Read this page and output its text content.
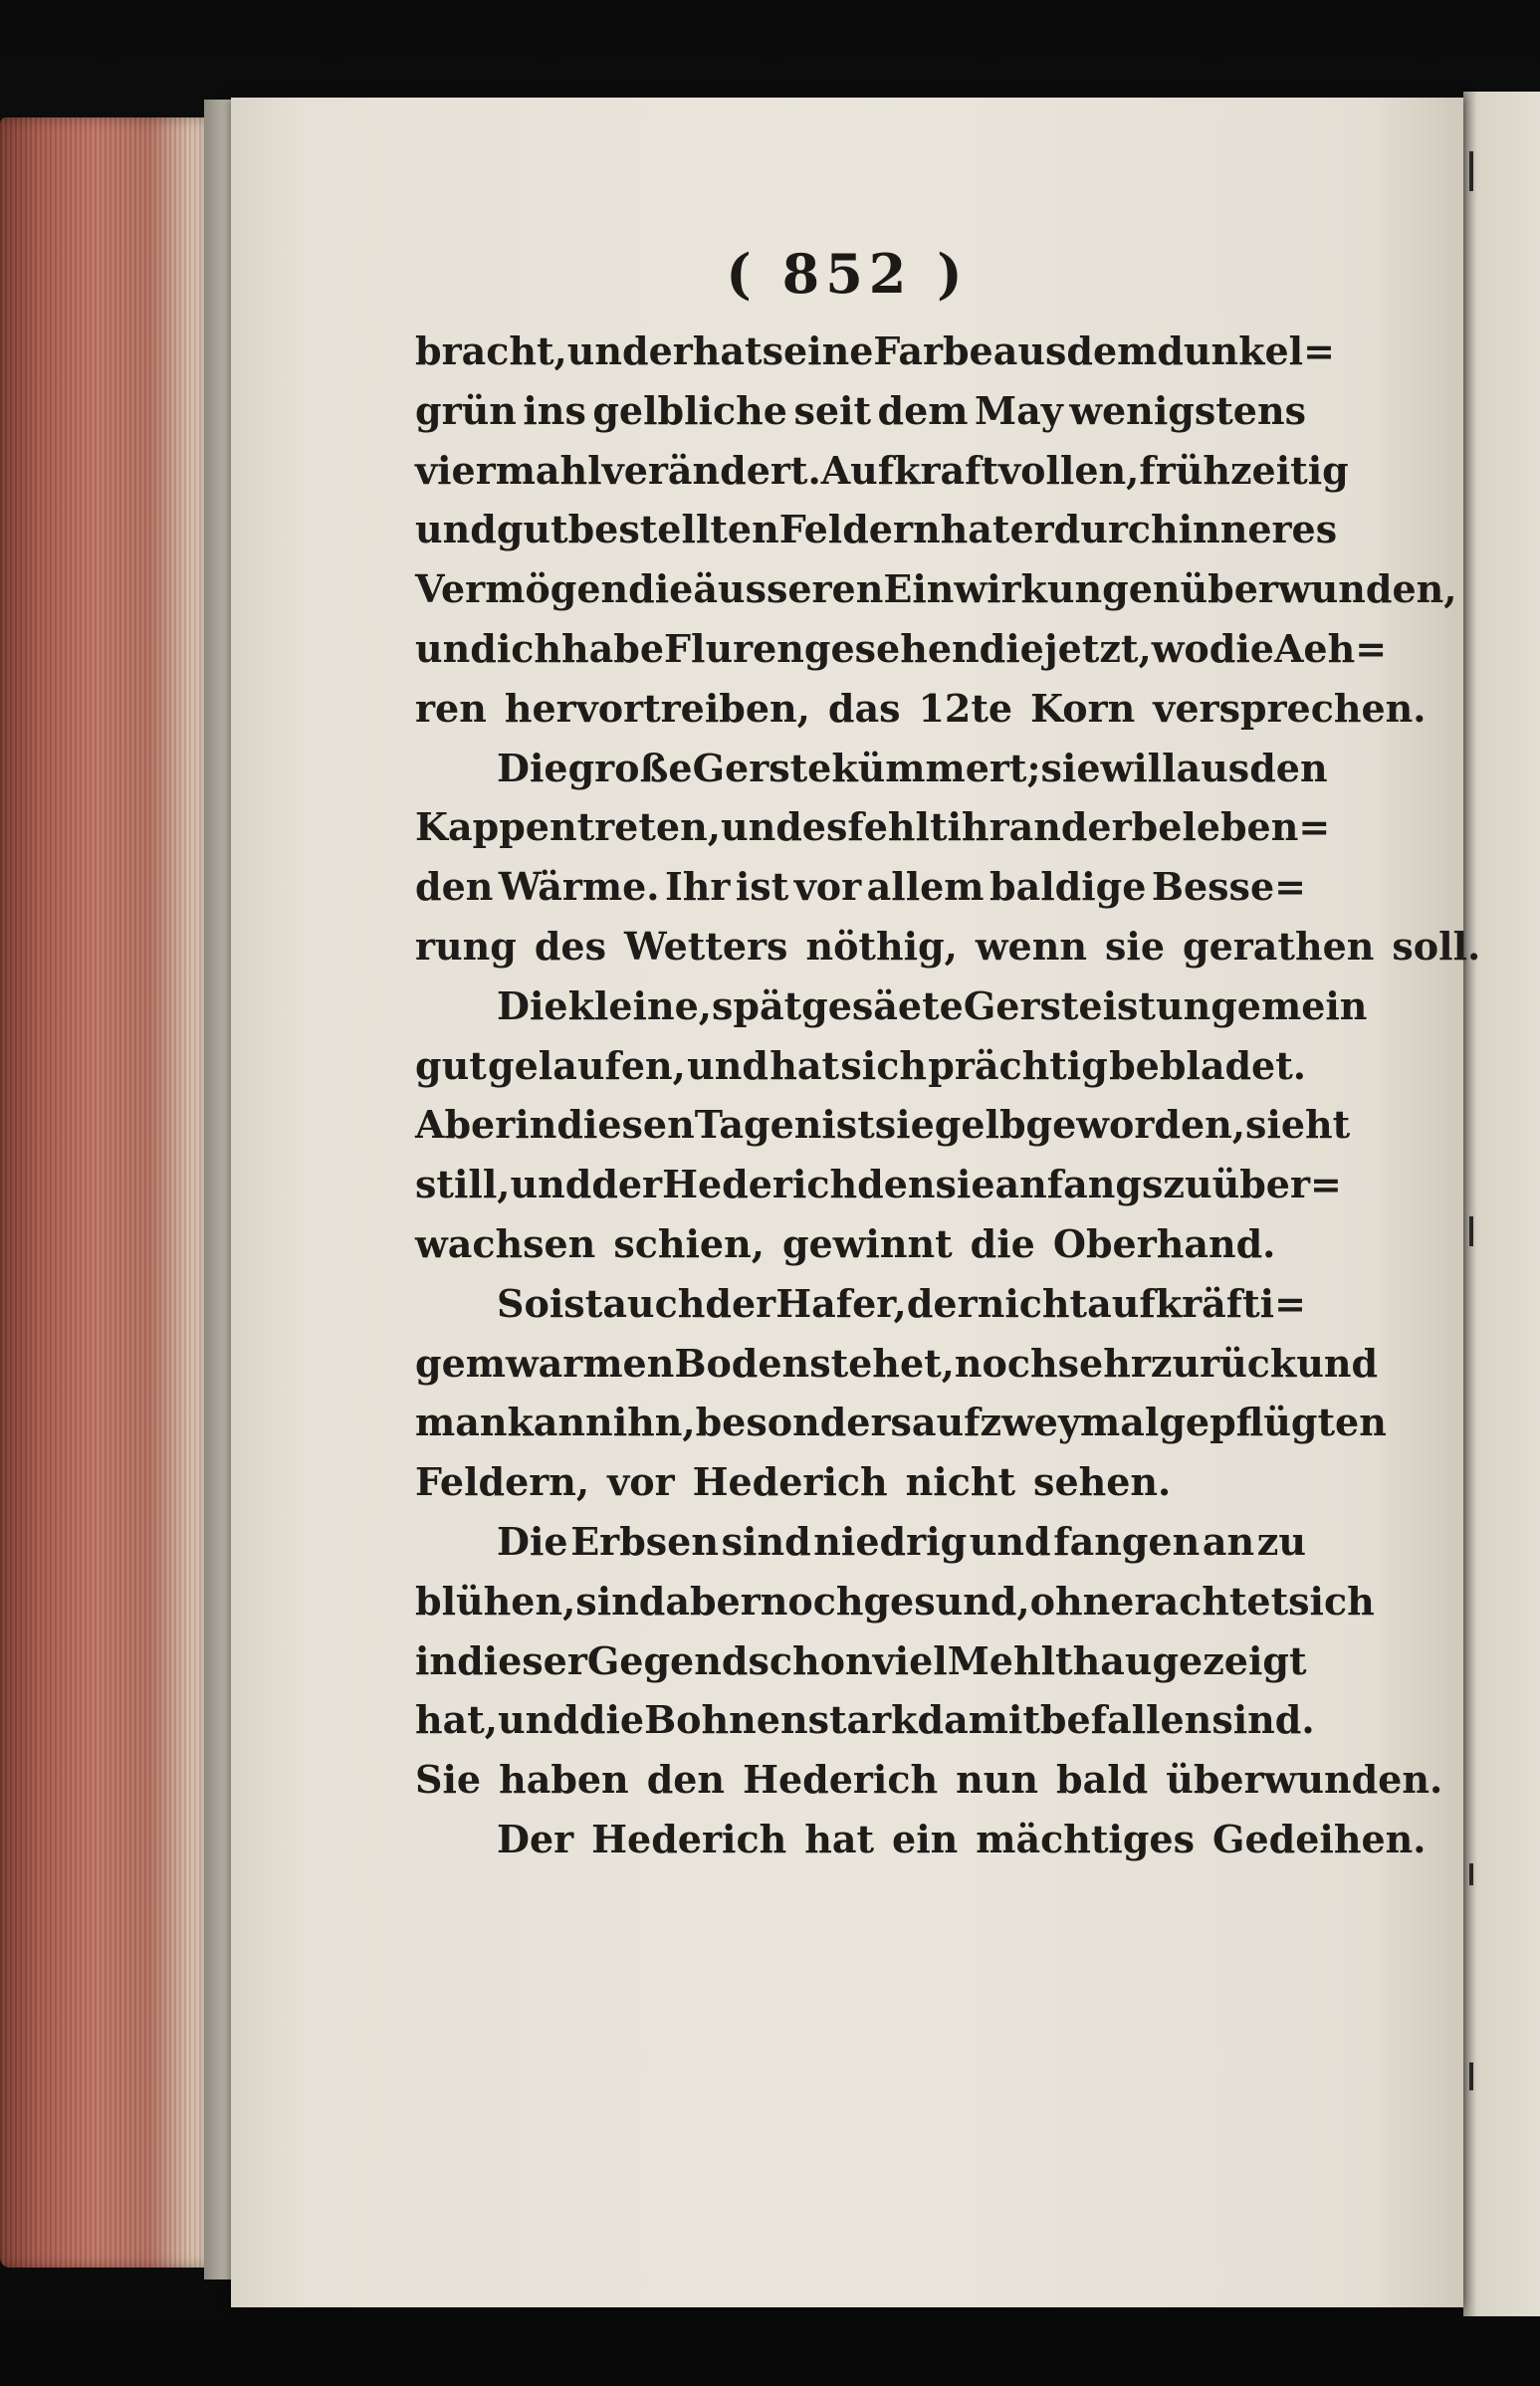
( 852 )
bracht, und er hat seine Farbe aus dem dunkel=
grün ins gelbliche seit dem May wenigstens
viermahl verändert. Auf kraftvollen, frühzeitig
und gut bestellten Feldern hat er durch inneres
Vermögen die äusseren Einwirkungen überwunden,
und ich habe Fluren gesehen die jetzt, wo die Aeh=
ren hervortreiben, das 12te Korn versprechen.
Die große Gerste kümmert; sie will aus den
Kappen treten, und es fehlt ihr an der beleben=
den Wärme. Ihr ist vor allem baldige Besse=
rung des Wetters nöthig, wenn sie gerathen soll.
Die kleine, spät gesäete Gerste ist ungemein
gut gelaufen, und hat sich prächtig bebladet.
Aber in diesen Tagen ist sie gelb geworden, sieht
still, und der Hederich den sie anfangs zu über=
wachsen schien, gewinnt die Oberhand.
So ist auch der Hafer, der nicht auf kräfti=
gem warmen Boden stehet, noch sehr zurück und
man kann ihn, besonders auf zweymal gepflügten
Feldern, vor Hederich nicht sehen.
Die Erbsen sind niedrig und fangen an zu
blühen, sind aber noch gesund, ohnerachtet sich
in dieser Gegend schon viel Mehlthau gezeigt
hat, und die Bohnen stark damit befallen sind.
Sie haben den Hederich nun bald überwunden.
Der Hederich hat ein mächtiges Gedeihen.
